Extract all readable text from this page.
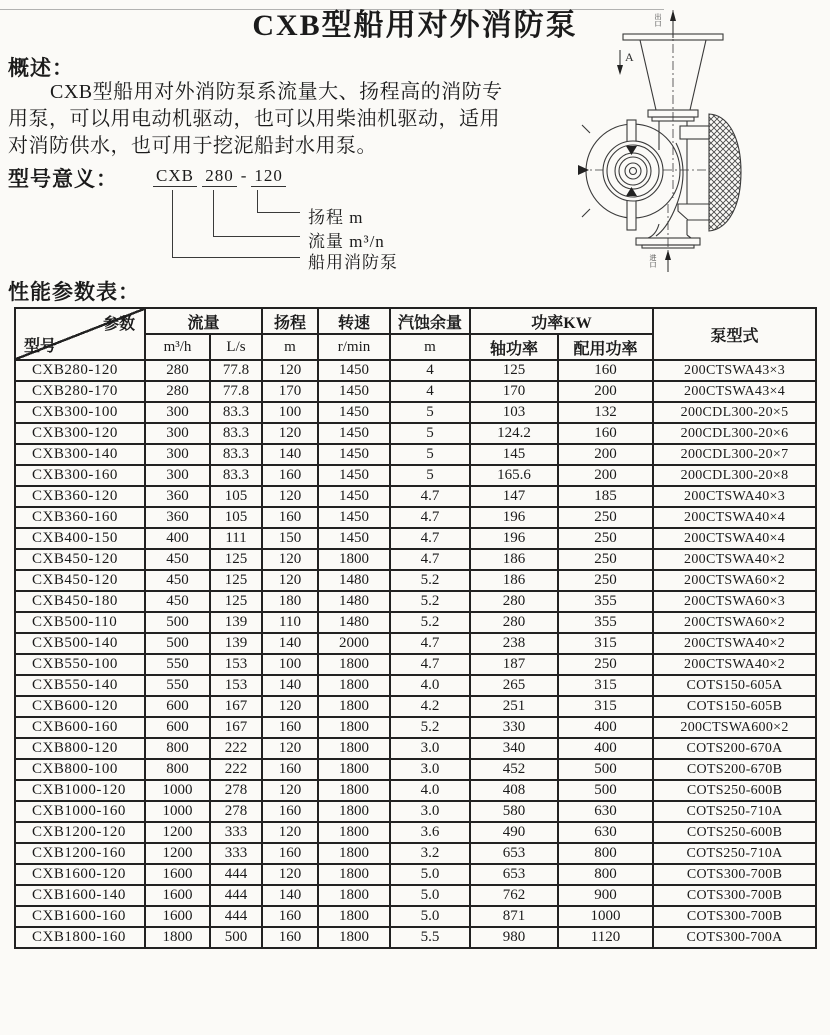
CXB型船用对外消防泵
概述：
CXB型船用对外消防泵系流量大、扬程高的消防专
用泵，可以用电动机驱动，也可以用柴油机驱动，适用
对消防供水，也可用于挖泥船封水用泵。
型号意义： CXB 280 - 120
扬程 m
流量 m³/n
船用消防泵
A
出口
进口
性能参数表：
参数
型号	流量		扬程	转速	汽蚀余量	功率KW		泵型式
	m³/h	L/s	m	r/min	m	轴功率	配用功率	
CXB280-120	280	77.8	120	1450	4	125	160	200CTSWA43×3
CXB280-170	280	77.8	170	1450	4	170	200	200CTSWA43×4
CXB300-100	300	83.3	100	1450	5	103	132	200CDL300-20×5
CXB300-120	300	83.3	120	1450	5	124.2	160	200CDL300-20×6
CXB300-140	300	83.3	140	1450	5	145	200	200CDL300-20×7
CXB300-160	300	83.3	160	1450	5	165.6	200	200CDL300-20×8
CXB360-120	360	105	120	1450	4.7	147	185	200CTSWA40×3
CXB360-160	360	105	160	1450	4.7	196	250	200CTSWA40×4
CXB400-150	400	111	150	1450	4.7	196	250	200CTSWA40×4
CXB450-120	450	125	120	1800	4.7	186	250	200CTSWA40×2
CXB450-120	450	125	120	1480	5.2	186	250	200CTSWA60×2
CXB450-180	450	125	180	1480	5.2	280	355	200CTSWA60×3
CXB500-110	500	139	110	1480	5.2	280	355	200CTSWA60×2
CXB500-140	500	139	140	2000	4.7	238	315	200CTSWA40×2
CXB550-100	550	153	100	1800	4.7	187	250	200CTSWA40×2
CXB550-140	550	153	140	1800	4.0	265	315	COTS150-605A
CXB600-120	600	167	120	1800	4.2	251	315	COTS150-605B
CXB600-160	600	167	160	1800	5.2	330	400	200CTSWA600×2
CXB800-120	800	222	120	1800	3.0	340	400	COTS200-670A
CXB800-100	800	222	160	1800	3.0	452	500	COTS200-670B
CXB1000-120	1000	278	120	1800	4.0	408	500	COTS250-600B
CXB1000-160	1000	278	160	1800	3.0	580	630	COTS250-710A
CXB1200-120	1200	333	120	1800	3.6	490	630	COTS250-600B
CXB1200-160	1200	333	160	1800	3.2	653	800	COTS250-710A
CXB1600-120	1600	444	120	1800	5.0	653	800	COTS300-700B
CXB1600-140	1600	444	140	1800	5.0	762	900	COTS300-700B
CXB1600-160	1600	444	160	1800	5.0	871	1000	COTS300-700B
CXB1800-160	1800	500	160	1800	5.5	980	1120	COTS300-700A
